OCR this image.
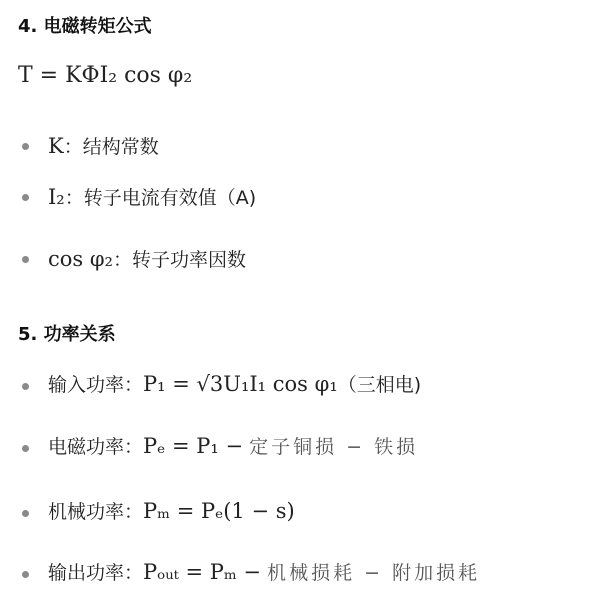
4. 电磁转矩公式
T = KΦI₂ cos φ₂
K：结构常数
I₂：转子电流有效值（A)
cos φ₂：转子功率因数
5. 功率关系
输入功率：P₁ = √3U₁I₁ cos φ₁（三相电)
电磁功率：Pₑ = P₁ − 定子铜损 − 铁损
机械功率：Pₘ = Pₑ(1 − s)
输出功率：Pₒᵤₜ = Pₘ − 机械损耗 − 附加损耗
